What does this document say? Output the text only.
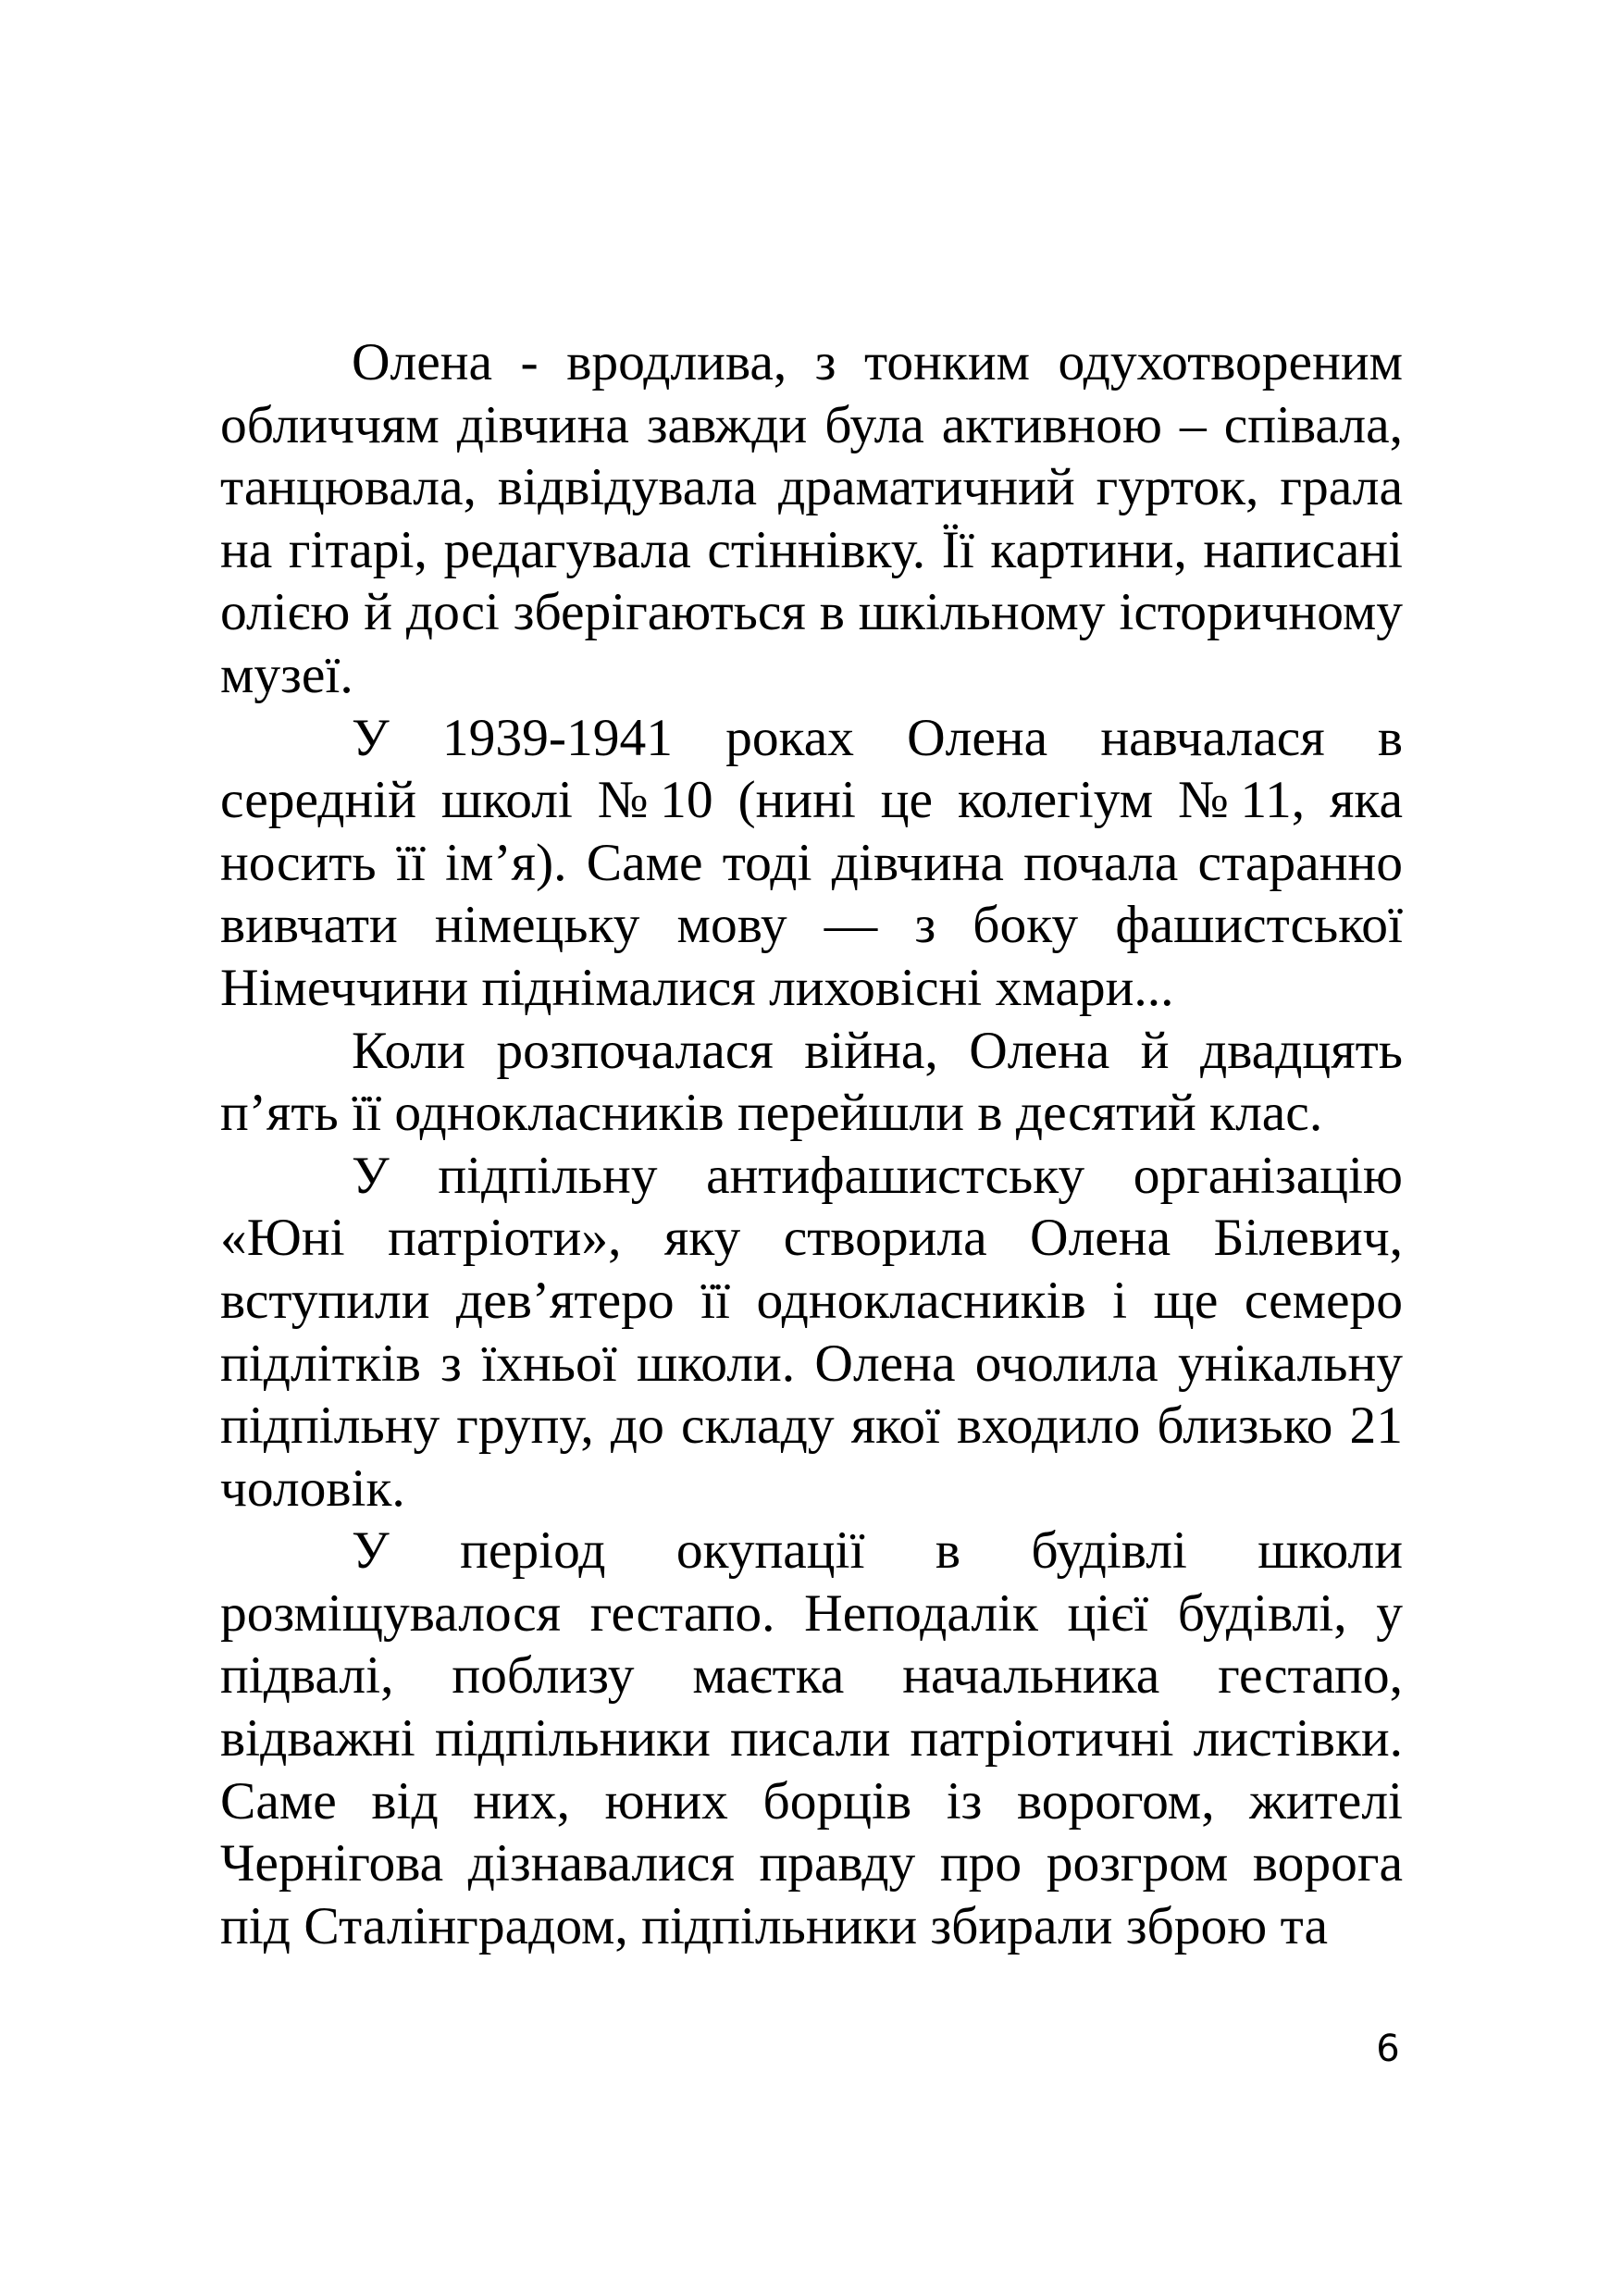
Олена - вродлива, з тонким одухотвореним обличчям дівчина завжди була активною – співала, танцювала, відвідувала драматичний гурток, грала на гітарі, редагувала стіннівку. Її картини, написані олією й досі зберігаються в шкільному історичному музеї.

У 1939-1941 роках Олена навчалася в середній школі №10 (нині це колегіум №11, яка носить її ім’я). Саме тоді дівчина почала старанно вивчати німецьку мову — з боку фашистської Німеччини піднімалися лиховісні хмари...

Коли розпочалася війна, Олена й двадцять п’ять її однокласників перейшли в десятий клас.

У підпільну антифашистську організацію «Юні патріоти», яку створила Олена Білевич, вступили дев’ятеро її однокласників і ще семеро підлітків з їхньої школи. Олена очолила унікальну підпільну групу, до складу якої входило близько 21 чоловік.

У період окупації в будівлі школи розміщувалося гестапо. Неподалік цієї будівлі, у підвалі, поблизу маєтка начальника гестапо, відважні підпільники писали патріотичні листівки. Саме від них, юних борців із ворогом, жителі Чернігова дізнавалися правду про розгром ворога під Сталінградом, підпільники збирали зброю та

6
